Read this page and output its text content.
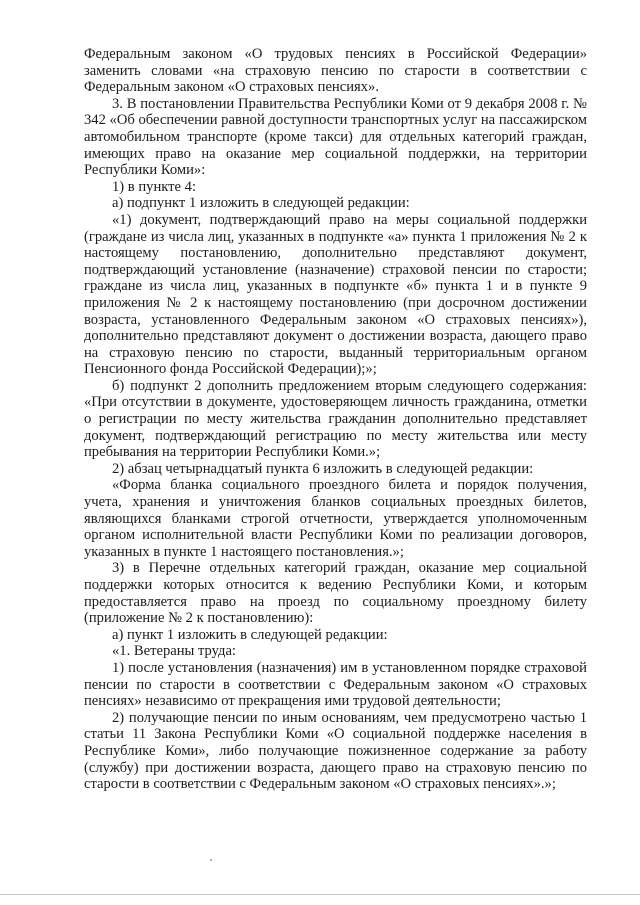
Федеральным законом «О трудовых пенсиях в Российской Федерации» заменить словами «на страховую пенсию по старости в соответствии с Федеральным законом «О страховых пенсиях».

3. В постановлении Правительства Республики Коми от 9 декабря 2008 г. № 342 «Об обеспечении равной доступности транспортных услуг на пассажирском автомобильном транспорте (кроме такси) для отдельных категорий граждан, имеющих право на оказание мер социальной поддержки, на территории Республики Коми»:

1) в пункте 4:

а) подпункт 1 изложить в следующей редакции:

«1) документ, подтверждающий право на меры социальной поддержки (граждане из числа лиц, указанных в подпункте «а» пункта 1 приложения № 2 к настоящему постановлению, дополнительно представляют документ, подтверждающий установление (назначение) страховой пенсии по старости; граждане из числа лиц, указанных в подпункте «б» пункта 1 и в пункте 9 приложения № 2 к настоящему постановлению (при досрочном достижении возраста, установленного Федеральным законом «О страховых пенсиях»), дополнительно представляют документ о достижении возраста, дающего право на страховую пенсию по старости, выданный территориальным органом Пенсионного фонда Российской Федерации);»;

б) подпункт 2 дополнить предложением вторым следующего содержания: «При отсутствии в документе, удостоверяющем личность гражданина, отметки о регистрации по месту жительства гражданин дополнительно представляет документ, подтверждающий регистрацию по месту жительства или месту пребывания на территории Республики Коми.»;

2) абзац четырнадцатый пункта 6 изложить в следующей редакции:

«Форма бланка социального проездного билета и порядок получения, учета, хранения и уничтожения бланков социальных проездных билетов, являющихся бланками строгой отчетности, утверждается уполномоченным органом исполнительной власти Республики Коми по реализации договоров, указанных в пункте 1 настоящего постановления.»;

3) в Перечне отдельных категорий граждан, оказание мер социальной поддержки которых относится к ведению Республики Коми, и которым предоставляется право на проезд по социальному проездному билету (приложение № 2 к постановлению):

а) пункт 1 изложить в следующей редакции:

«1. Ветераны труда:

1) после установления (назначения) им в установленном порядке страховой пенсии по старости в соответствии с Федеральным законом «О страховых пенсиях» независимо от прекращения ими трудовой деятельности;

2) получающие пенсии по иным основаниям, чем предусмотрено частью 1 статьи 11 Закона Республики Коми «О социальной поддержке населения в Республике Коми», либо получающие пожизненное содержание за работу (службу) при достижении возраста, дающего право на страховую пенсию по старости в соответствии с Федеральным законом «О страховых пенсиях».»;
